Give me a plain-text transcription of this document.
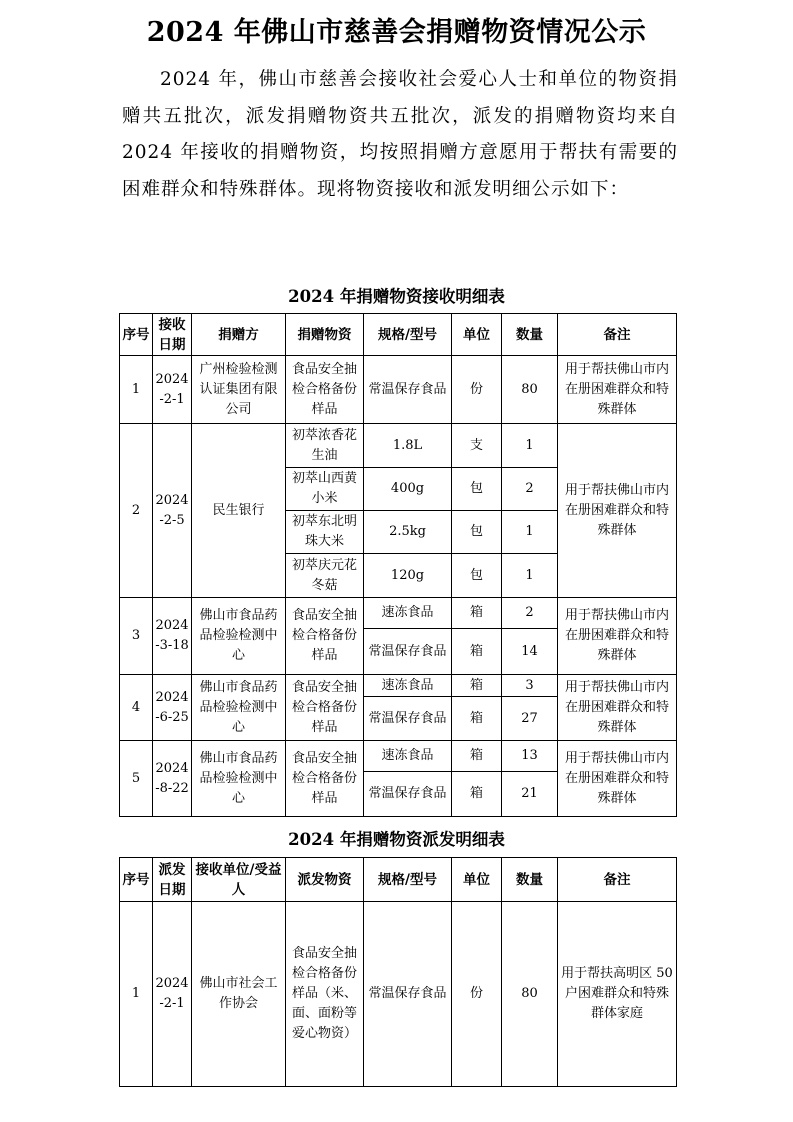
2024 年佛山市慈善会捐赠物资情况公示
2024 年，佛山市慈善会接收社会爱心人士和单位的物资捐赠共五批次，派发捐赠物资共五批次，派发的捐赠物资均来自 2024 年接收的捐赠物资，均按照捐赠方意愿用于帮扶有需要的困难群众和特殊群体。现将物资接收和派发明细公示如下：
2024 年捐赠物资接收明细表
序号	接收日期	捐赠方	捐赠物资	规格/型号	单位	数量	备注
1	2024-2-1	广州检验检测认证集团有限公司	食品安全抽检合格备份样品	常温保存食品	份	80	用于帮扶佛山市内在册困难群众和特殊群体
2	2024-2-5	民生银行	初萃浓香花生油	1.8L	支	1	用于帮扶佛山市内在册困难群众和特殊群体
			初萃山西黄小米	400g	包	2	
			初萃东北明珠大米	2.5kg	包	1	
			初萃庆元花冬菇	120g	包	1	
3	2024-3-18	佛山市食品药品检验检测中心	食品安全抽检合格备份样品	速冻食品	箱	2	用于帮扶佛山市内在册困难群众和特殊群体
				常温保存食品	箱	14	
4	2024-6-25	佛山市食品药品检验检测中心	食品安全抽检合格备份样品	速冻食品	箱	3	用于帮扶佛山市内在册困难群众和特殊群体
				常温保存食品	箱	27	
5	2024-8-22	佛山市食品药品检验检测中心	食品安全抽检合格备份样品	速冻食品	箱	13	用于帮扶佛山市内在册困难群众和特殊群体
				常温保存食品	箱	21	
2024 年捐赠物资派发明细表
序号	派发日期	接收单位/受益人	派发物资	规格/型号	单位	数量	备注
1	2024-2-1	佛山市社会工作协会	食品安全抽检合格备份样品（米、面、面粉等爱心物资）	常温保存食品	份	80	用于帮扶高明区 50 户困难群众和特殊群体家庭
